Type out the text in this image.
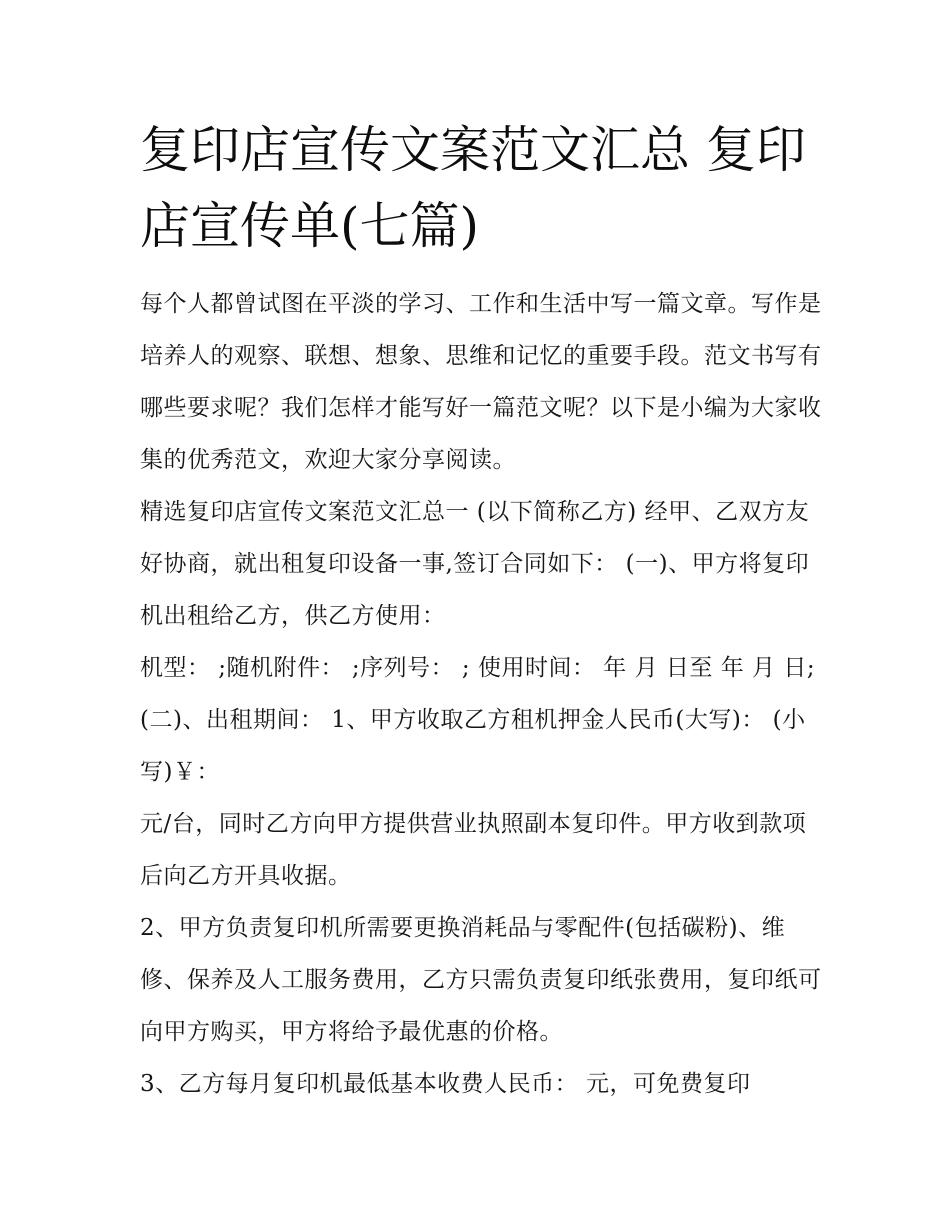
复印店宣传文案范文汇总 复印店宣传单(七篇)

每个人都曾试图在平淡的学习、工作和生活中写一篇文章。写作是培养人的观察、联想、想象、思维和记忆的重要手段。范文书写有哪些要求呢？我们怎样才能写好一篇范文呢？以下是小编为大家收集的优秀范文，欢迎大家分享阅读。

精选复印店宣传文案范文汇总一 (以下简称乙方) 经甲、乙双方友好协商，就出租复印设备一事,签订合同如下： (一)、甲方将复印机出租给乙方，供乙方使用：

机型： ;随机附件： ;序列号： ; 使用时间： 年 月 日至 年 月 日; (二)、出租期间： 1、甲方收取乙方租机押金人民币(大写)： (小写)￥：

元/台，同时乙方向甲方提供营业执照副本复印件。甲方收到款项后向乙方开具收据。

2、甲方负责复印机所需要更换消耗品与零配件(包括碳粉)、维修、保养及人工服务费用，乙方只需负责复印纸张费用，复印纸可向甲方购买，甲方将给予最优惠的价格。

3、乙方每月复印机最低基本收费人民币： 元，可免费复印
